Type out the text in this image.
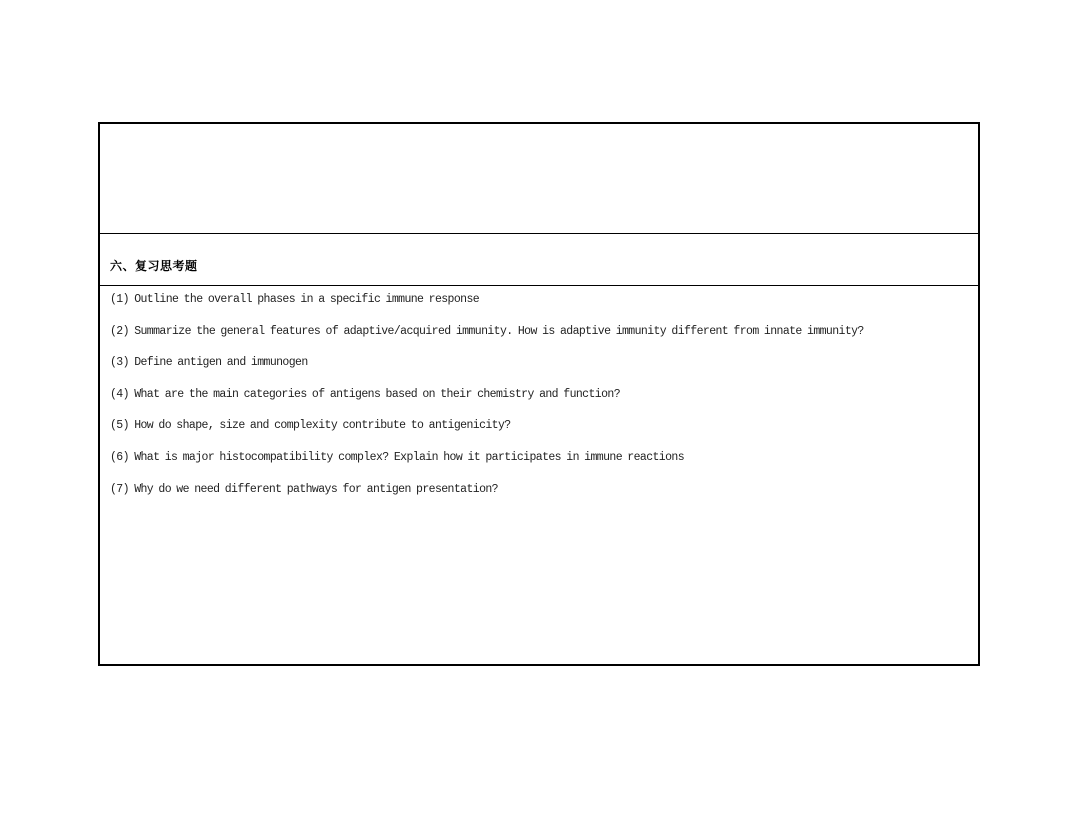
六、复习思考题
(1) Outline the overall phases in a specific immune response
(2) Summarize the general features of adaptive/acquired immunity. How is adaptive immunity different from innate immunity?
(3) Define antigen and immunogen
(4) What are the main categories of antigens based on their chemistry and function?
(5) How do shape, size and complexity contribute to antigenicity?
(6) What is major histocompatibility complex? Explain how it participates in immune reactions
(7) Why do we need different pathways for antigen presentation?
